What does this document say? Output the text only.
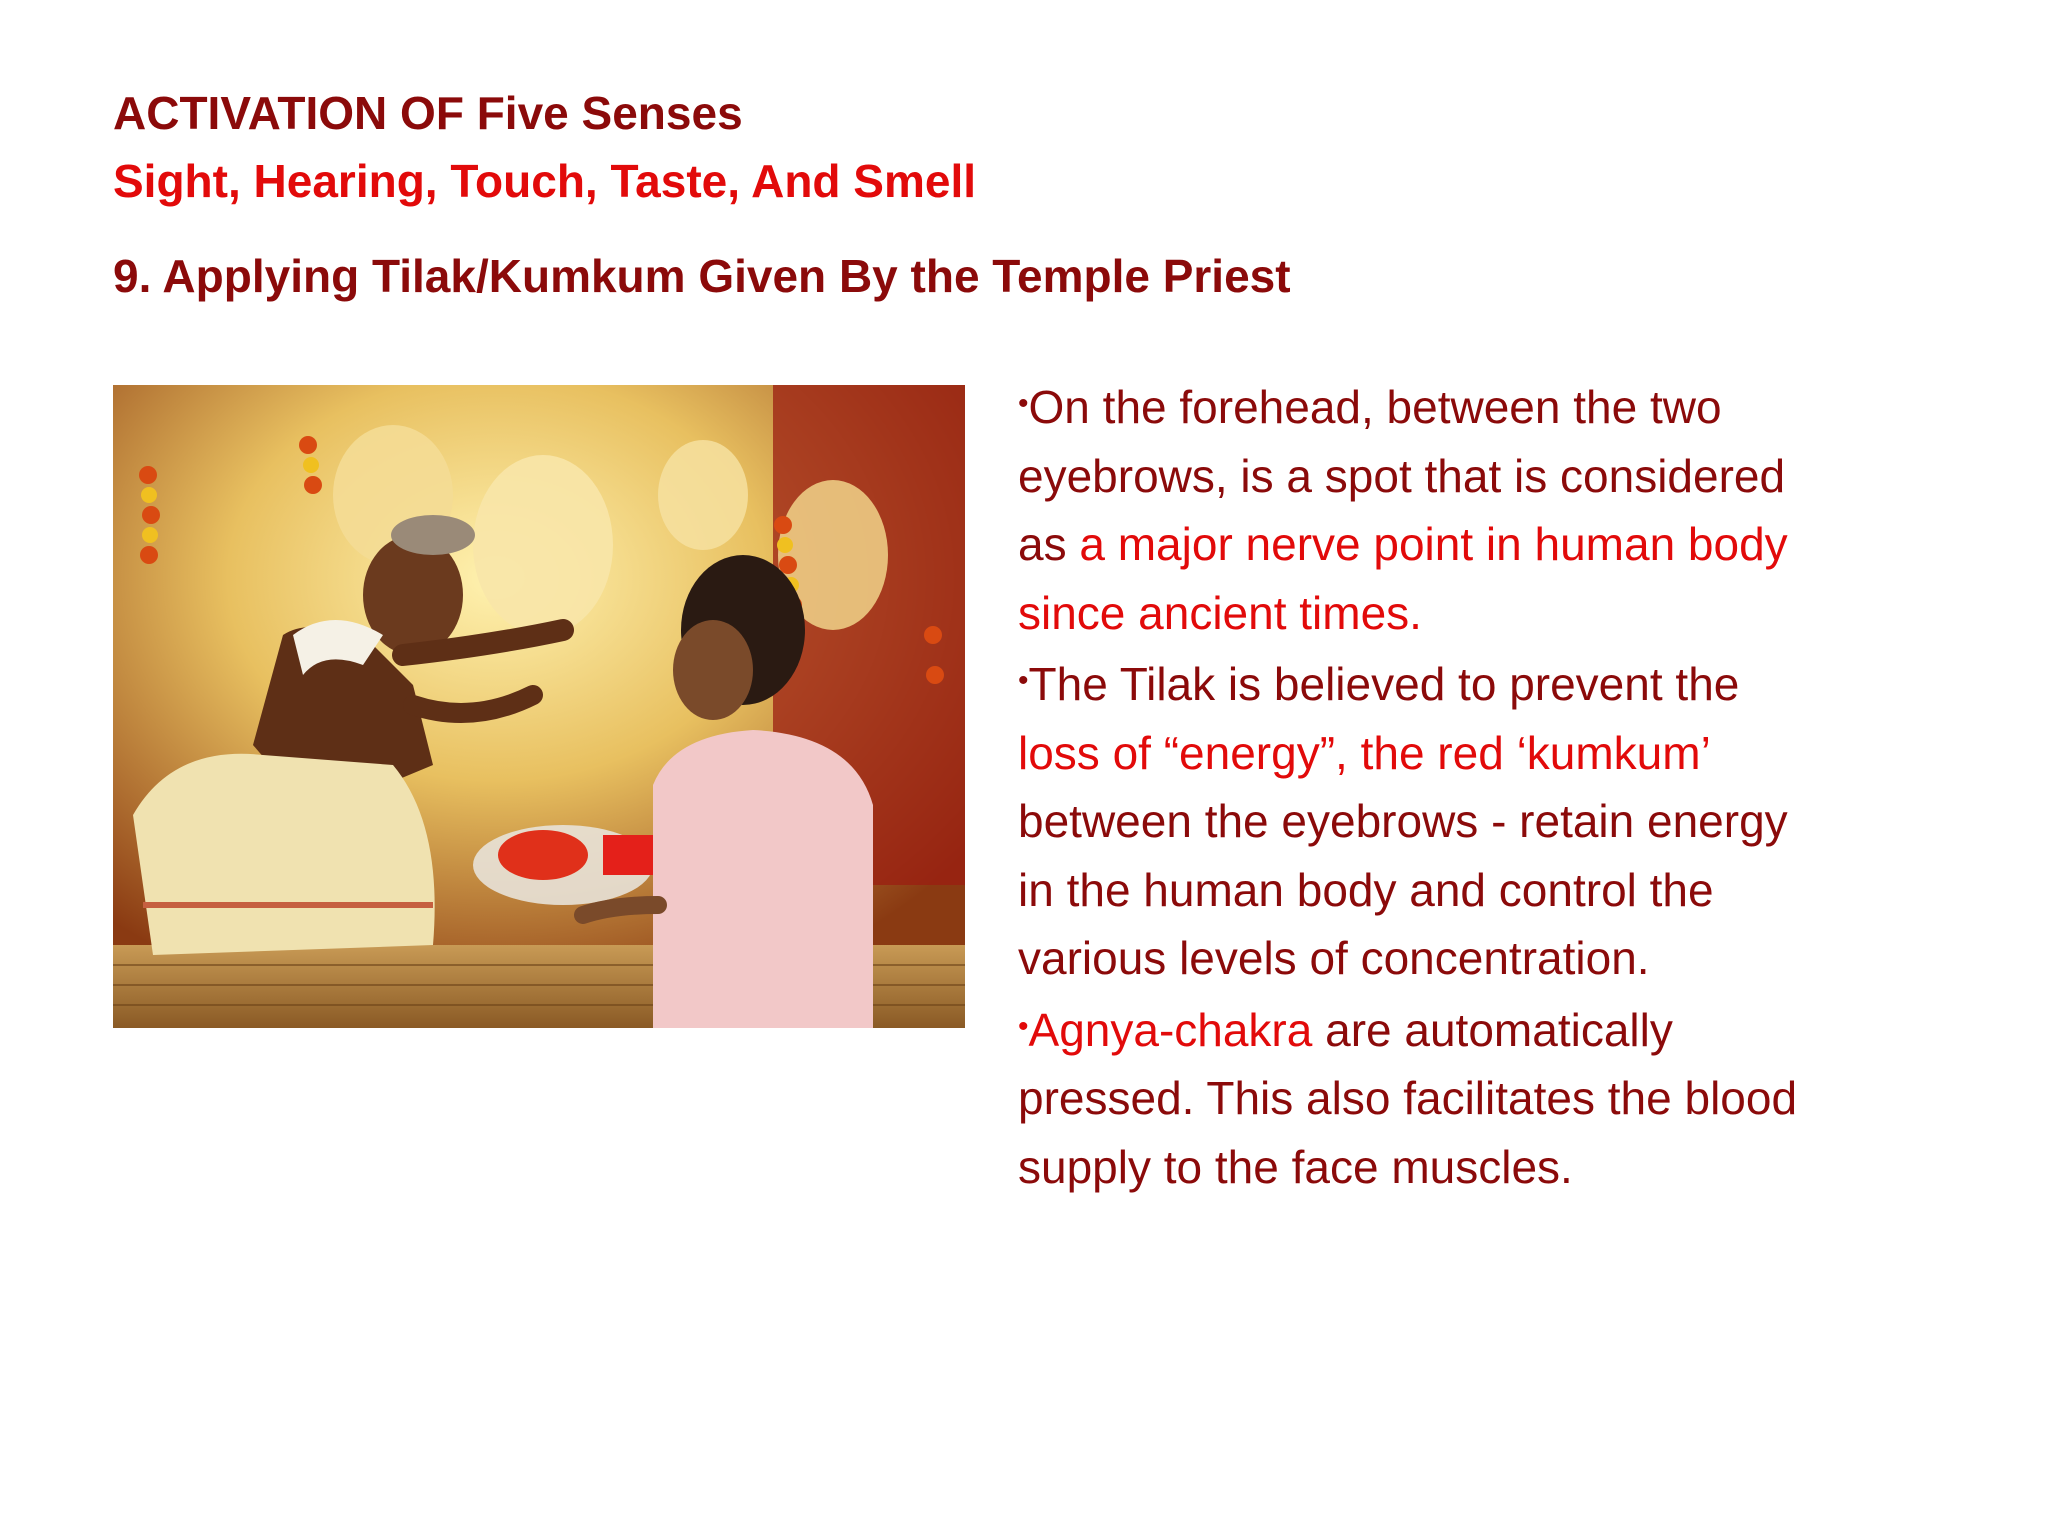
ACTIVATION OF Five Senses
Sight, Hearing, Touch, Taste, And Smell
9. Applying Tilak/Kumkum Given By the Temple Priest
•On the forehead, between the two
eyebrows, is a spot that is considered
as a major nerve point in human body
since ancient times.
•The Tilak is believed to prevent the
loss of “energy”, the red ‘kumkum’
between the eyebrows - retain energy
in the human body and control the
various levels of concentration.
•Agnya-chakra are automatically
pressed. This also facilitates the blood
supply to the face muscles.
